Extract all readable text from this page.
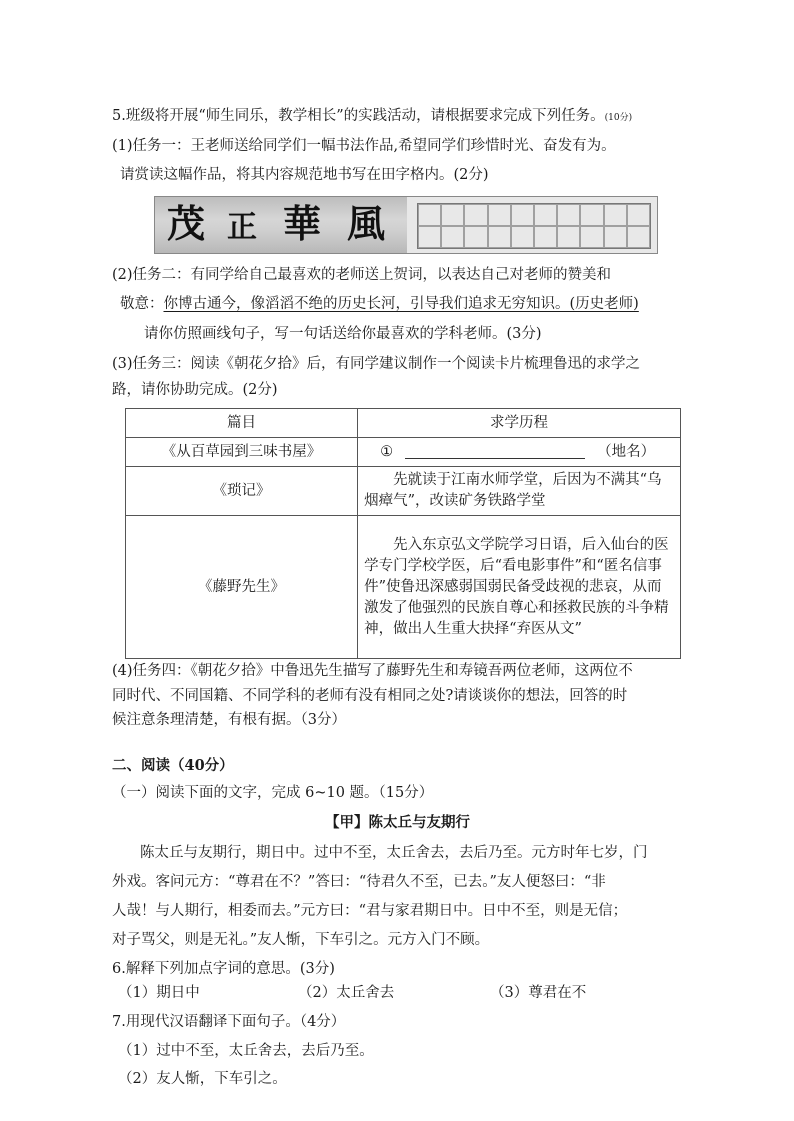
5.班级将开展“师生同乐，教学相长”的实践活动，请根据要求完成下列任务。(10分)
(1)任务一：王老师送给同学们一幅书法作品,希望同学们珍惜时光、奋发有为。
请赏读这幅作品，将其内容规范地书写在田字格内。(2分)
茂 正 華 風
(2)任务二：有同学给自己最喜欢的老师送上贺词，以表达自己对老师的赞美和
敬意：你博古通今，像滔滔不绝的历史长河，引导我们追求无穷知识。(历史老师)
请你仿照画线句子，写一句话送给你最喜欢的学科老师。(3分)
(3)任务三：阅读《朝花夕拾》后，有同学建议制作一个阅读卡片梳理鲁迅的求学之
路，请你协助完成。(2分)
篇目	求学历程
《从百草园到三味书屋》	① （地名）
《琐记》	先就读于江南水师学堂，后因为不满其“乌烟瘴气”，改读矿务铁路学堂
《藤野先生》	先入东京弘文学院学习日语，后入仙台的医学专门学校学医，后“看电影事件”和“匿名信事件”使鲁迅深感弱国弱民备受歧视的悲哀，从而激发了他强烈的民族自尊心和拯救民族的斗争精神，做出人生重大抉择“弃医从文”
(4)任务四：《朝花夕拾》中鲁迅先生描写了藤野先生和寿镜吾两位老师，这两位不
同时代、不同国籍、不同学科的老师有没有相同之处?请谈谈你的想法，回答的时
候注意条理清楚，有根有据。（3分）
二、阅读（40分）
（一）阅读下面的文字，完成 6~10 题。（15分）
【甲】陈太丘与友期行
陈太丘与友期行，期日中。过中不至，太丘舍去，去后乃至。元方时年七岁，门
外戏。客问元方：“尊君在不？”答曰：“待君久不至，已去。”友人便怒曰：“非
人哉！与人期行，相委而去。”元方曰：“君与家君期日中。日中不至，则是无信；
对子骂父，则是无礼。”友人惭，下车引之。元方入门不顾。
6.解释下列加点字词的意思。(3分)
（1）期日中	（2）太丘舍去	（3）尊君在不
7.用现代汉语翻译下面句子。（4分）
（1）过中不至，太丘舍去，去后乃至。
（2）友人惭，下车引之。
